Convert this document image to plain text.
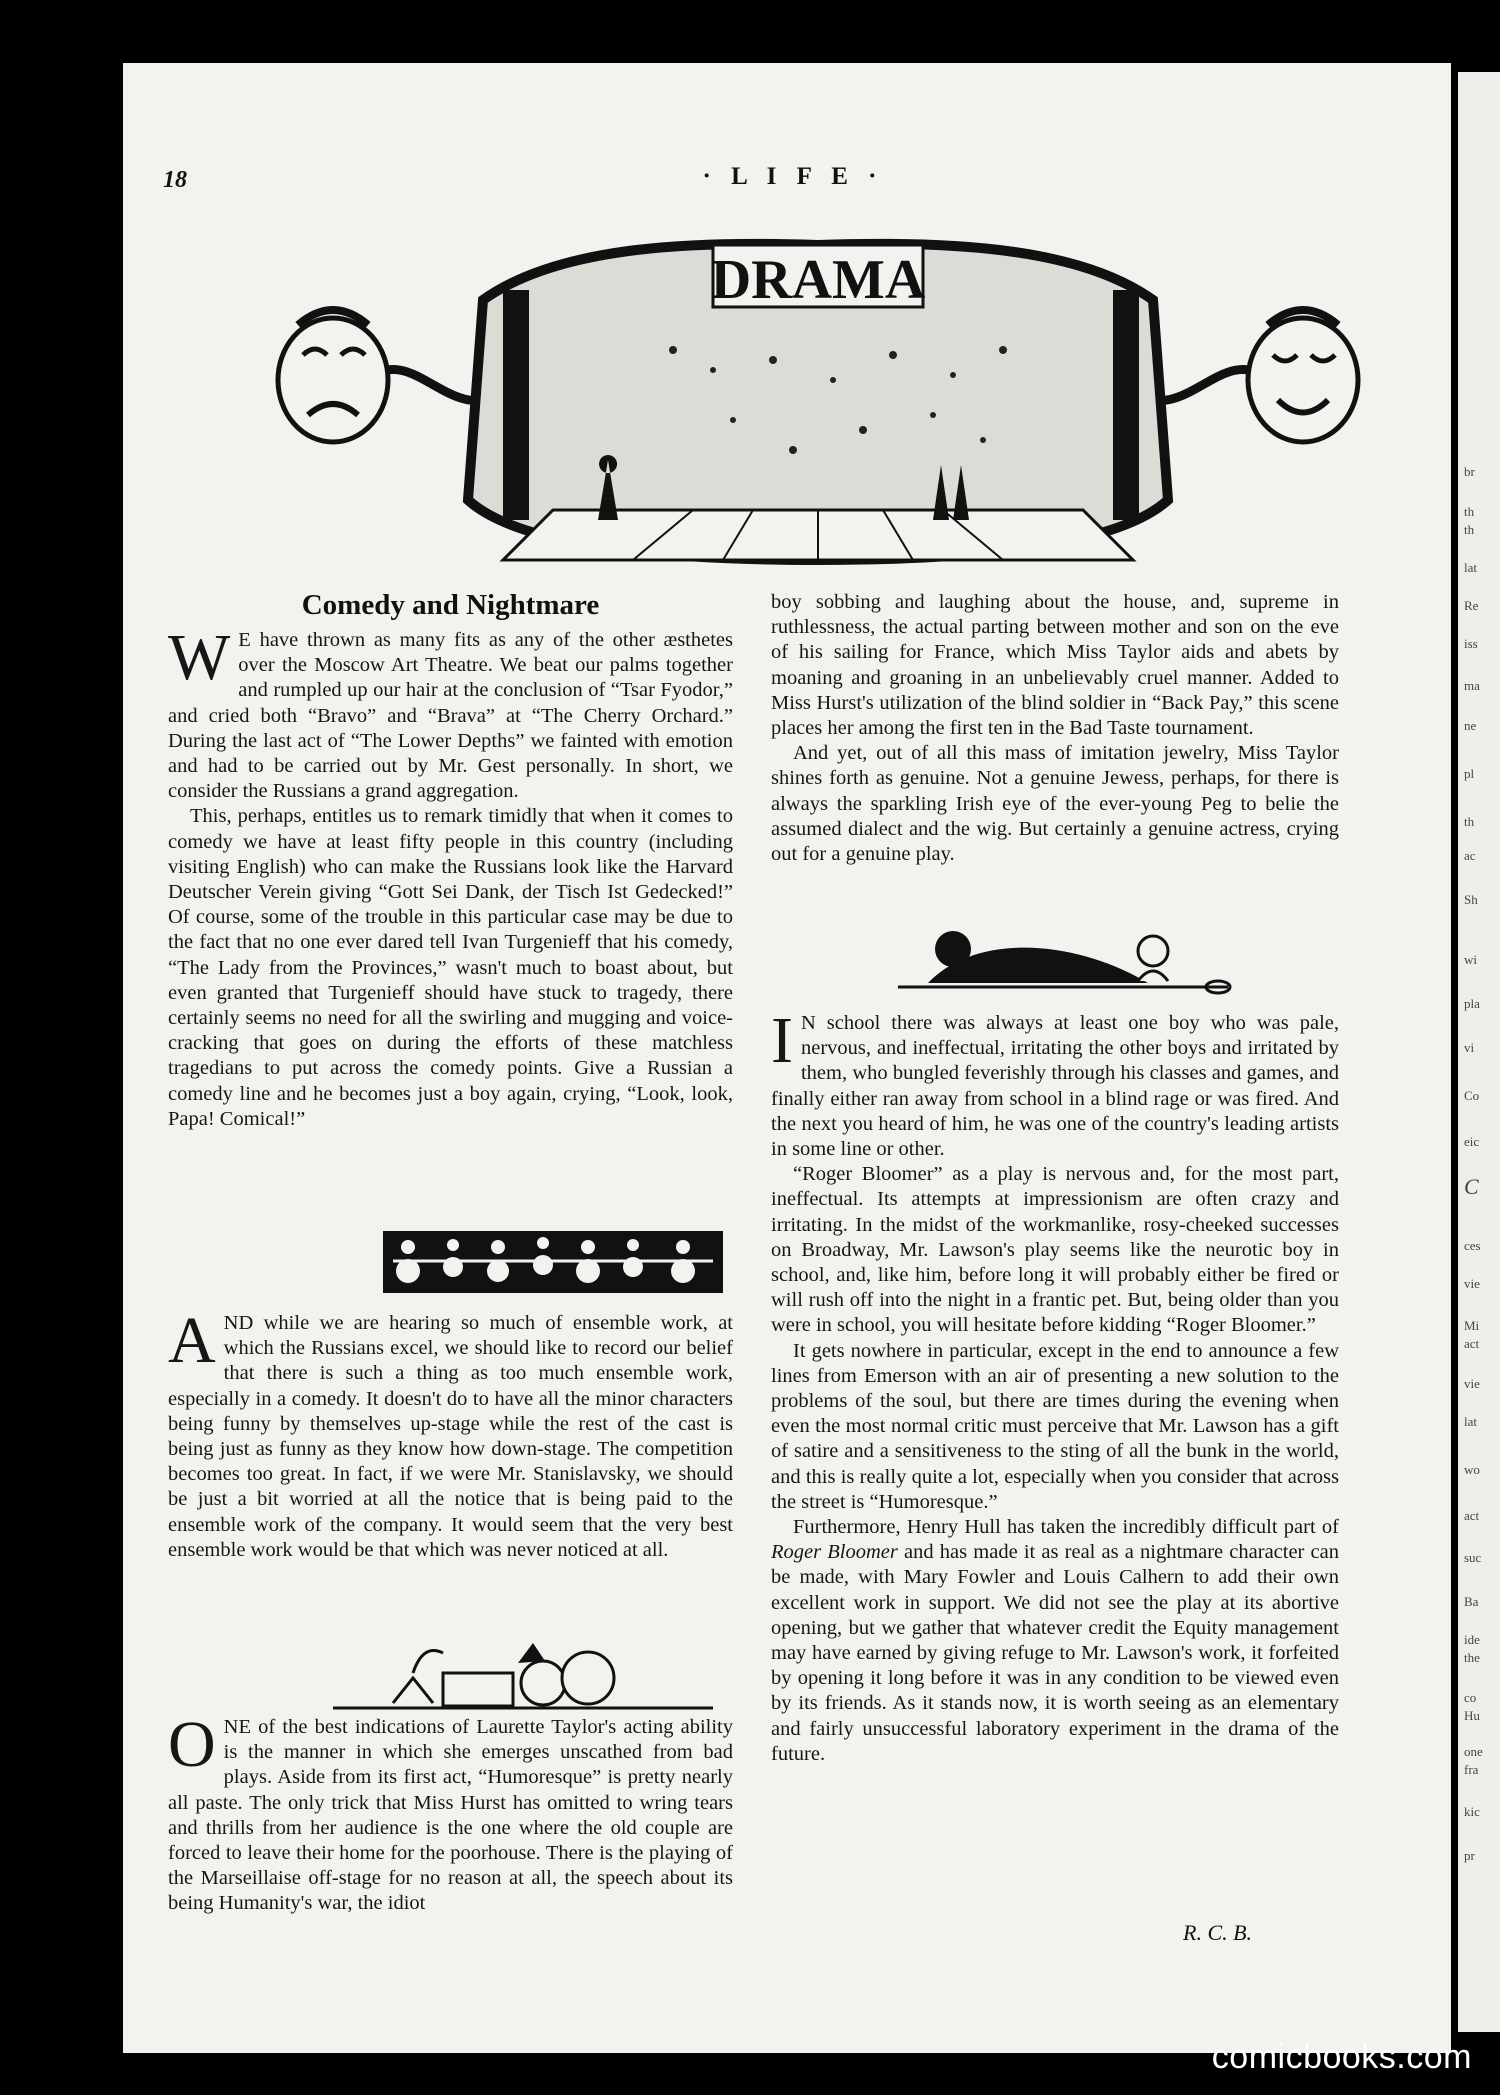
18	· L I F E ·
DRAMA
Comedy and Nightmare

W E have thrown as many fits as any of the other æsthetes over the Moscow Art Theatre. We beat our palms together and rumpled up our hair at the conclusion of “Tsar Fyodor,” and cried both “Bravo” and “Brava” at “The Cherry Orchard.” During the last act of “The Lower Depths” we fainted with emotion and had to be carried out by Mr. Gest personally. In short, we consider the Russians a grand aggregation.

This, perhaps, entitles us to remark timidly that when it comes to comedy we have at least fifty people in this country (including visiting English) who can make the Russians look like the Harvard Deutscher Verein giving “Gott Sei Dank, der Tisch Ist Gedecked!” Of course, some of the trouble in this particular case may be due to the fact that no one ever dared tell Ivan Turgenieff that his comedy, “The Lady from the Provinces,” wasn't much to boast about, but even granted that Turgenieff should have stuck to tragedy, there certainly seems no need for all the swirling and mugging and voice-cracking that goes on during the efforts of these matchless tragedians to put across the comedy points. Give a Russian a comedy line and he becomes just a boy again, crying, “Look, look, Papa! Comical!”

AND while we are hearing so much of ensemble work, at which the Russians excel, we should like to record our belief that there is such a thing as too much ensemble work, especially in a comedy. It doesn't do to have all the minor characters being funny by themselves up-stage while the rest of the cast is being just as funny as they know how down-stage. The competition becomes too great. In fact, if we were Mr. Stanislavsky, we should be just a bit worried at all the notice that is being paid to the ensemble work of the company. It would seem that the very best ensemble work would be that which was never noticed at all.

ONE of the best indications of Laurette Taylor's acting ability is the manner in which she emerges unscathed from bad plays. Aside from its first act, “Humoresque” is pretty nearly all paste. The only trick that Miss Hurst has omitted to wring tears and thrills from her audience is the one where the old couple are forced to leave their home for the poorhouse. There is the playing of the Marseillaise off-stage for no reason at all, the speech about its being Humanity's war, the idiot

boy sobbing and laughing about the house, and, supreme in ruthlessness, the actual parting between mother and son on the eve of his sailing for France, which Miss Taylor aids and abets by moaning and groaning in an unbelievably cruel manner. Added to Miss Hurst's utilization of the blind soldier in “Back Pay,” this scene places her among the first ten in the Bad Taste tournament.

And yet, out of all this mass of imitation jewelry, Miss Taylor shines forth as genuine. Not a genuine Jewess, perhaps, for there is always the sparkling Irish eye of the ever-young Peg to belie the assumed dialect and the wig. But certainly a genuine actress, crying out for a genuine play.

I N school there was always at least one boy who was pale, nervous, and ineffectual, irritating the other boys and irritated by them, who bungled feverishly through his classes and games, and finally either ran away from school in a blind rage or was fired. And the next you heard of him, he was one of the country's leading artists in some line or other.

“Roger Bloomer” as a play is nervous and, for the most part, ineffectual. Its attempts at impressionism are often crazy and irritating. In the midst of the workmanlike, rosy-cheeked successes on Broadway, Mr. Lawson's play seems like the neurotic boy in school, and, like him, before long it will probably either be fired or will rush off into the night in a frantic pet. But, being older than you were in school, you will hesitate before kidding “Roger Bloomer.”

It gets nowhere in particular, except in the end to announce a few lines from Emerson with an air of presenting a new solution to the problems of the soul, but there are times during the evening when even the most normal critic must perceive that Mr. Lawson has a gift of satire and a sensitiveness to the sting of all the bunk in the world, and this is really quite a lot, especially when you consider that across the street is “Humoresque.”

Furthermore, Henry Hull has taken the incredibly difficult part of Roger Bloomer and has made it as real as a nightmare character can be made, with Mary Fowler and Louis Calhern to add their own excellent work in support. We did not see the play at its abortive opening, but we gather that whatever credit the Equity management may have earned by giving refuge to Mr. Lawson's work, it forfeited by opening it long before it was in any condition to be viewed even by its friends. As it stands now, it is worth seeing as an elementary and fairly unsuccessful laboratory experiment in the drama of the future.

R. C. B.
br
th
th
lat
Re
iss
ma
ne
pl
th
ac
Sh
wi
pla
vi
Co
eic
C
ces
vie
Mi
act
vie
lat
wo
act
suc
Ba
ide
the
co
Hu
one
fra
kic
pr
comicbooks.com
